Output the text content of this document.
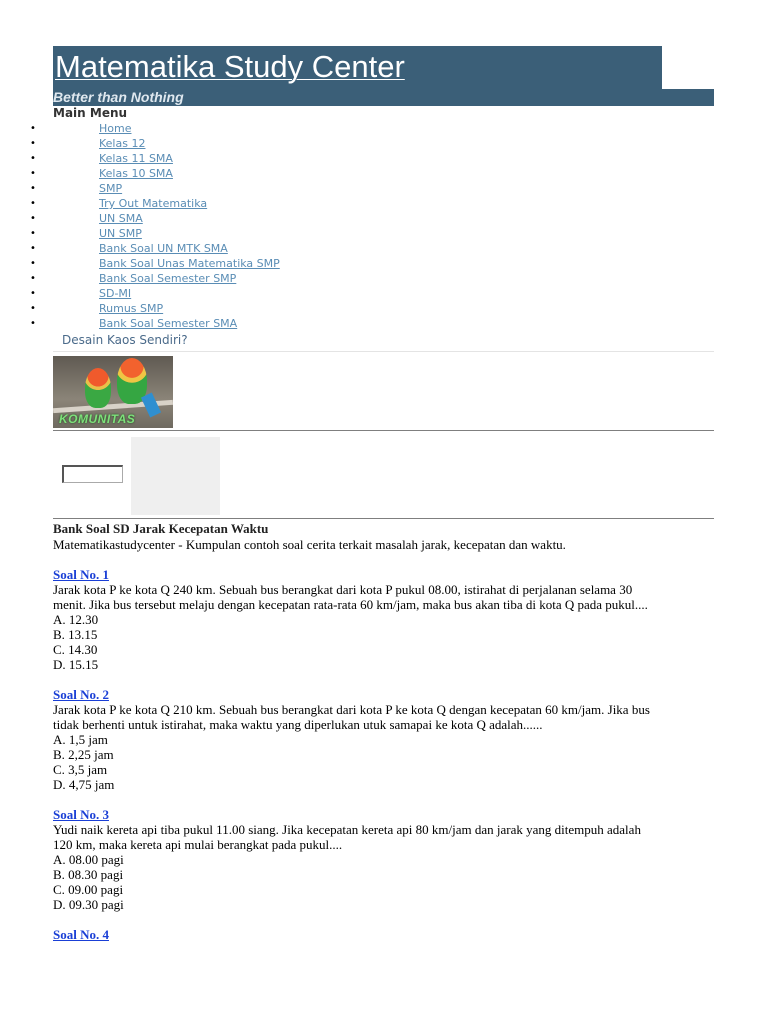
Matematika Study Center

Better than Nothing

Main Menu

•	Home
•	Kelas 12
•	Kelas 11 SMA
•	Kelas 10 SMA
•	SMP
•	Try Out Matematika
•	UN SMA
•	UN SMP
•	Bank Soal UN MTK SMA
•	Bank Soal Unas Matematika SMP
•	Bank Soal Semester SMP
•	SD-MI
•	Rumus SMP
•	Bank Soal Semester SMA
Desain Kaos Sendiri?
KOMUNITAS
Bank Soal SD Jarak Kecepatan Waktu

Matematikastudycenter - Kumpulan contoh soal cerita terkait masalah jarak, kecepatan dan waktu.

Soal No. 1

Jarak kota P ke kota Q 240 km. Sebuah bus berangkat dari kota P pukul 08.00, istirahat di perjalanan selama 30 menit. Jika bus tersebut melaju dengan kecepatan rata-rata 60 km/jam, maka bus akan tiba di kota Q pada pukul....

A. 12.30

B. 13.15

C. 14.30

D. 15.15

Soal No. 2

Jarak kota P ke kota Q 210 km. Sebuah bus berangkat dari kota P ke kota Q dengan kecepatan 60 km/jam. Jika bus tidak berhenti untuk istirahat, maka waktu yang diperlukan utuk samapai ke kota Q adalah......

A. 1,5 jam

B. 2,25 jam

C. 3,5 jam

D. 4,75 jam

Soal No. 3

Yudi naik kereta api tiba pukul 11.00 siang. Jika kecepatan kereta api 80 km/jam dan jarak yang ditempuh adalah 120 km, maka kereta api mulai berangkat pada pukul....

A. 08.00 pagi

B. 08.30 pagi

C. 09.00 pagi

D. 09.30 pagi

Soal No. 4
